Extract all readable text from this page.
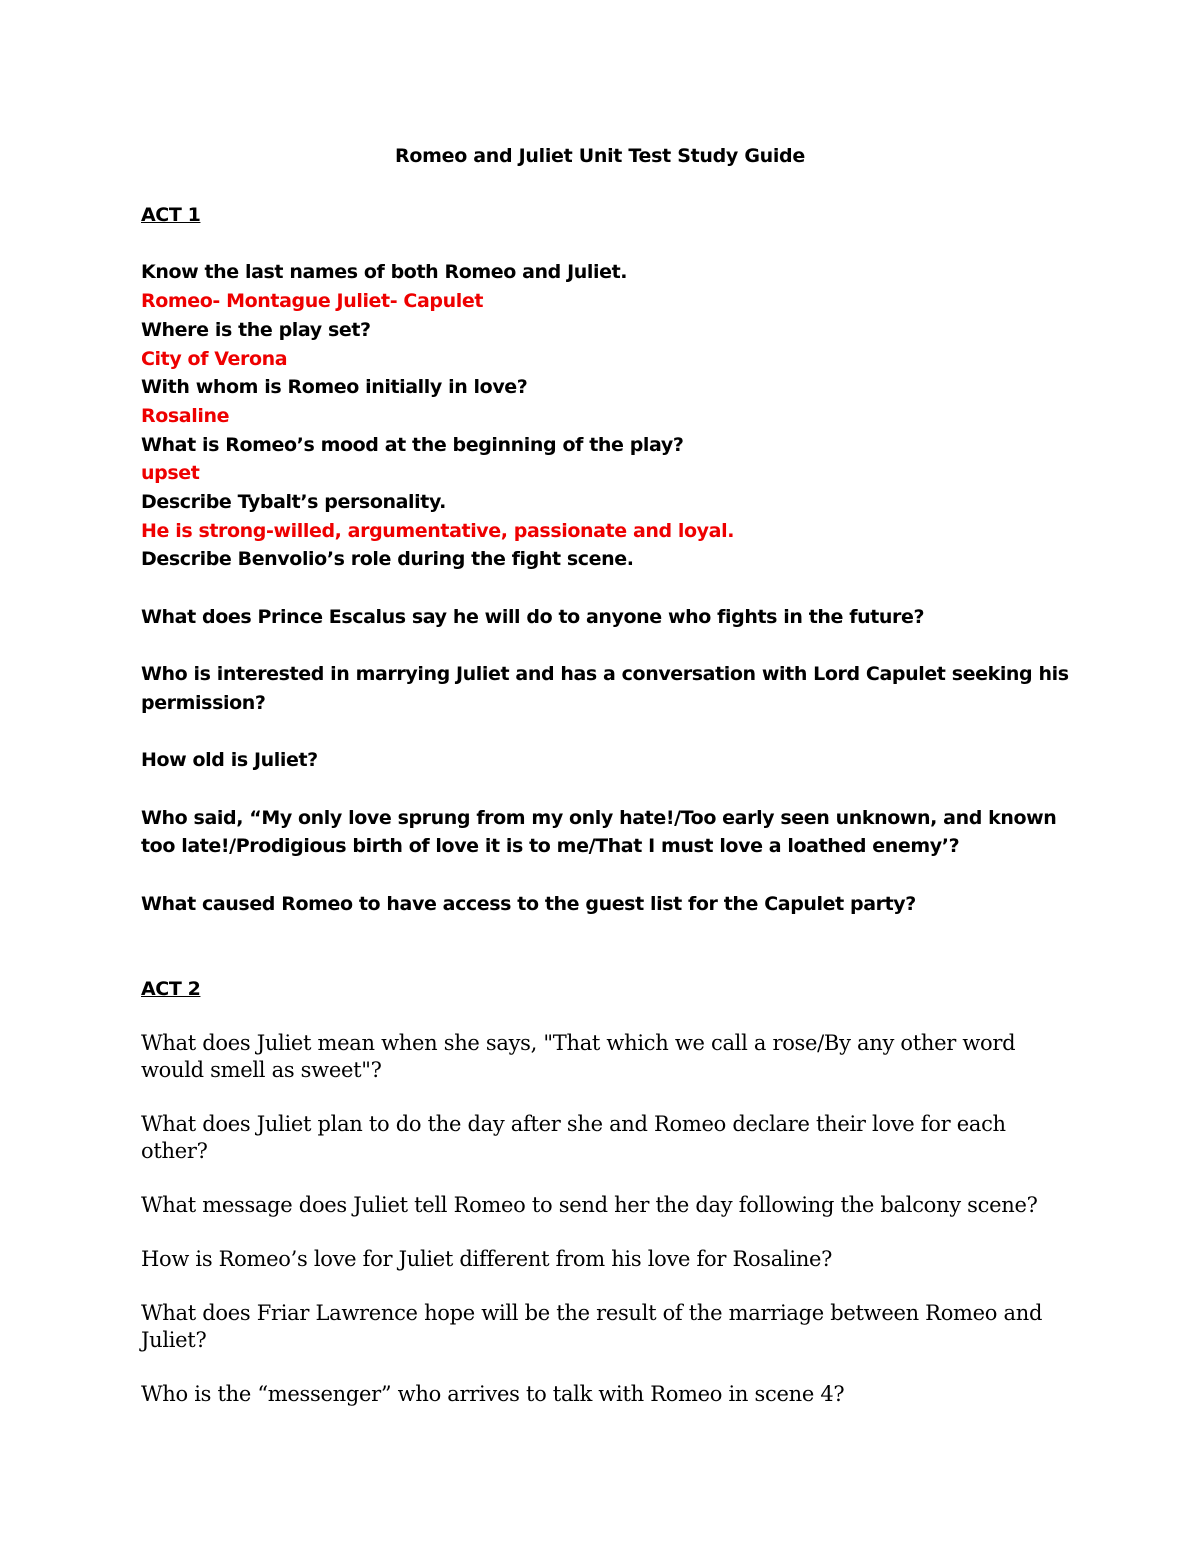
Romeo and Juliet Unit Test Study Guide
ACT 1
Know the last names of both Romeo and Juliet.
Romeo- Montague Juliet- Capulet
Where is the play set?
City of Verona
With whom is Romeo initially in love?
Rosaline
What is Romeo’s mood at the beginning of the play?
upset
Describe Tybalt’s personality.
He is strong-willed, argumentative, passionate and loyal.
Describe Benvolio’s role during the fight scene.
What does Prince Escalus say he will do to anyone who fights in the future?
Who is interested in marrying Juliet and has a conversation with Lord Capulet seeking his permission?
How old is Juliet?
Who said, “My only love sprung from my only hate!/Too early seen unknown, and known too late!/Prodigious birth of love it is to me/That I must love a loathed enemy’?
What caused Romeo to have access to the guest list for the Capulet party?
ACT 2
What does Juliet mean when she says, "That which we call a rose/By any other word would smell as sweet"?
What does Juliet plan to do the day after she and Romeo declare their love for each other?
What message does Juliet tell Romeo to send her the day following the balcony scene?
How is Romeo’s love for Juliet different from his love for Rosaline?
What does Friar Lawrence hope will be the result of the marriage between Romeo and Juliet?
Who is the “messenger” who arrives to talk with Romeo in scene 4?
